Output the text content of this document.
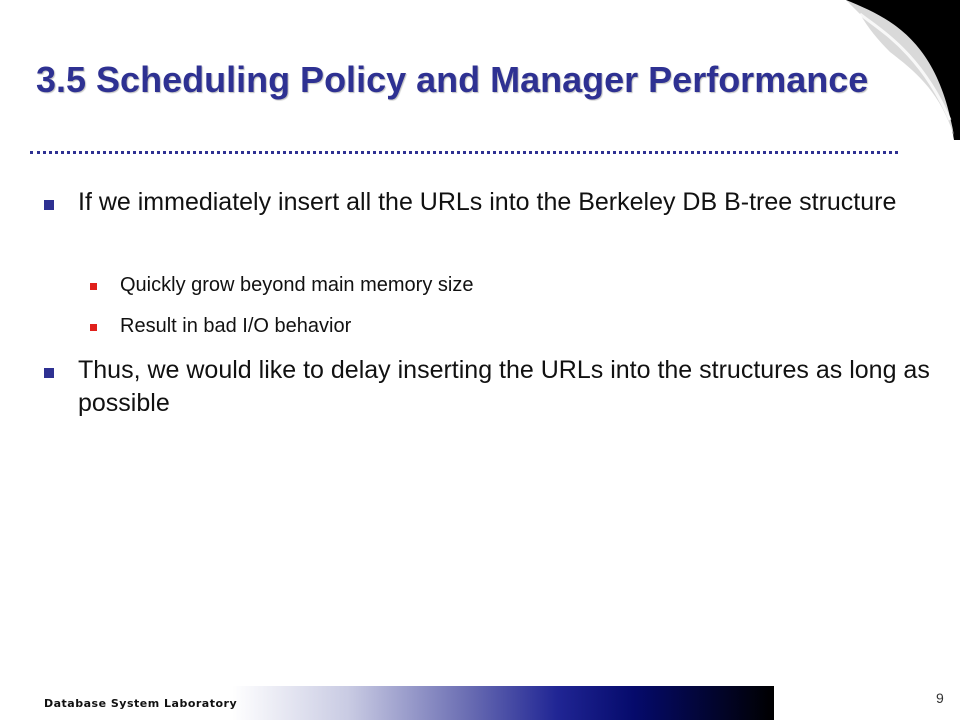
3.5 Scheduling Policy and Manager Performance
If we immediately insert all the URLs into the Berkeley DB B-tree structure
Quickly grow beyond main memory size
Result in bad I/O behavior
Thus, we would like to delay inserting the URLs into the structures as long as possible
Database System Laboratory	9
